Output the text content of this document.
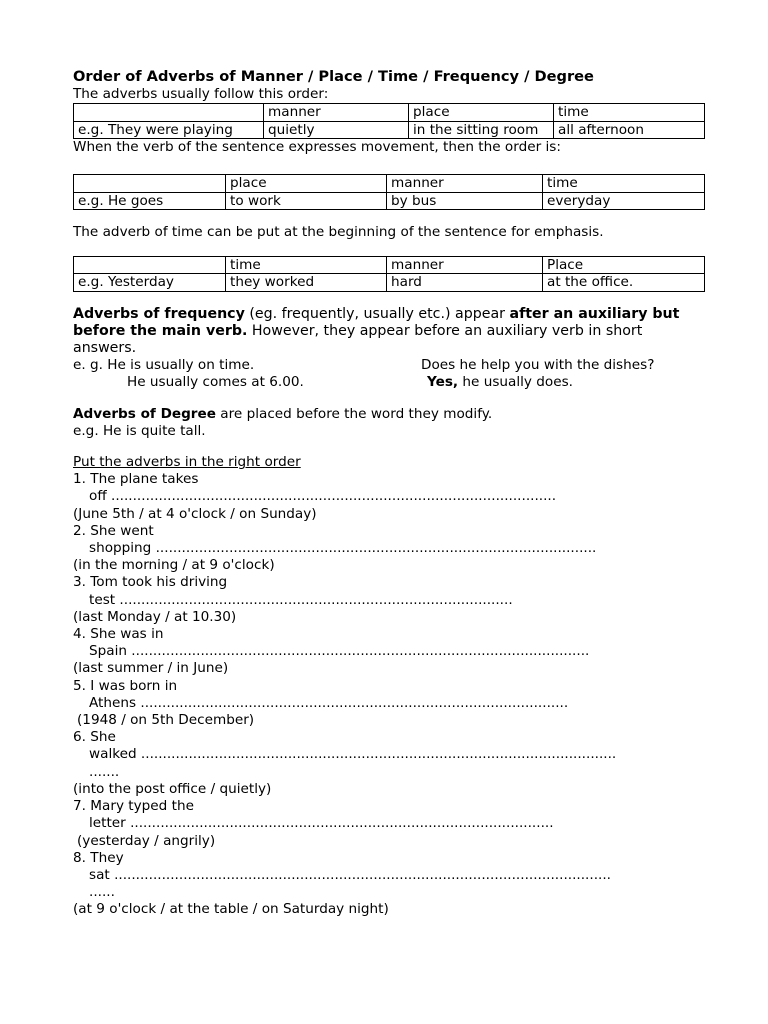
Order of Adverbs of Manner / Place / Time / Frequency / Degree

The adverbs usually follow this order:

	manner	place	time
e.g. They were playing	quietly	in the sitting room	all afternoon

When the verb of the sentence expresses movement, then the order is:

	place	manner	time
e.g. He goes	to work	by bus	everyday

The adverb of time can be put at the beginning of the sentence for emphasis.

	time	manner	Place
e.g. Yesterday	they worked	hard	at the office.

Adverbs of frequency (eg. frequently, usually etc.) appear after an auxiliary but before the main verb. However, they appear before an auxiliary verb in short answers.

e. g. He is usually on time.
He usually comes at 6.00.
Does he help you with the dishes?
Yes, he usually does.

Adverbs of Degree are placed before the word they modify.

e.g. He is quite tall.

Put the adverbs in the right order

1. The plane takes
off .......................................................................................................
(June 5th / at 4 o'clock / on Sunday)
2. She went
shopping ......................................................................................................
(in the morning / at 9 o'clock)
3. Tom took his driving
test ...........................................................................................
(last Monday / at 10.30)
4. She was in
Spain ..........................................................................................................
(last summer / in June)
5. I was born in
Athens ...................................................................................................
(1948 / on 5th December)
6. She
walked ..............................................................................................................
.......
(into the post office / quietly)
7. Mary typed the
letter ..................................................................................................
(yesterday / angrily)
8. They
sat ...................................................................................................................
......
(at 9 o'clock / at the table / on Saturday night)
